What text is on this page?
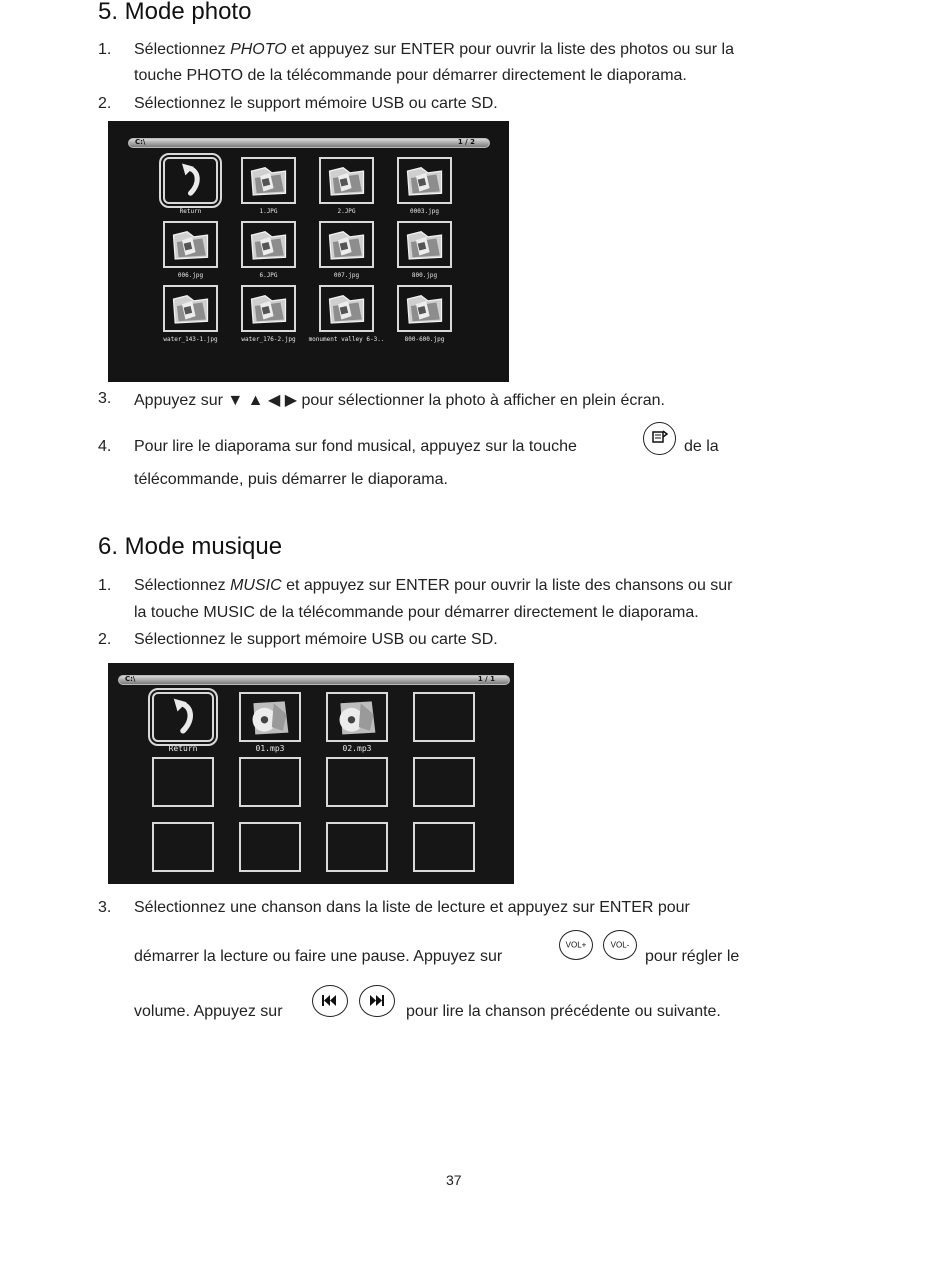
5. Mode photo
1. Sélectionnez PHOTO et appuyez sur ENTER pour ouvrir la liste des photos ou sur la
touche PHOTO de la télécommande pour démarrer directement le diaporama.
2. Sélectionnez le support mémoire USB ou carte SD.
C:\	1 / 2
Return	1.JPG	2.JPG	0003.jpg
006.jpg	6.JPG	007.jpg	800.jpg
water_143-1.jpg	water_176-2.jpg	monument valley 6-3..	800-600.jpg
3. Appuyez sur ▼ ▲ ◀ ▶ pour sélectionner la photo à afficher en plein écran.
4. Pour lire le diaporama sur fond musical, appuyez sur la touche	de la
télécommande, puis démarrer le diaporama.
6. Mode musique
1. Sélectionnez MUSIC et appuyez sur ENTER pour ouvrir la liste des chansons ou sur
la touche MUSIC de la télécommande pour démarrer directement le diaporama.
2. Sélectionnez le support mémoire USB ou carte SD.
C:\	1 / 1
Return	01.mp3	02.mp3
3. Sélectionnez une chanson dans la liste de lecture et appuyez sur ENTER pour
démarrer la lecture ou faire une pause. Appuyez sur
VOL+	VOL-
pour régler le
volume. Appuyez sur	pour lire la chanson précédente ou suivante.
37
